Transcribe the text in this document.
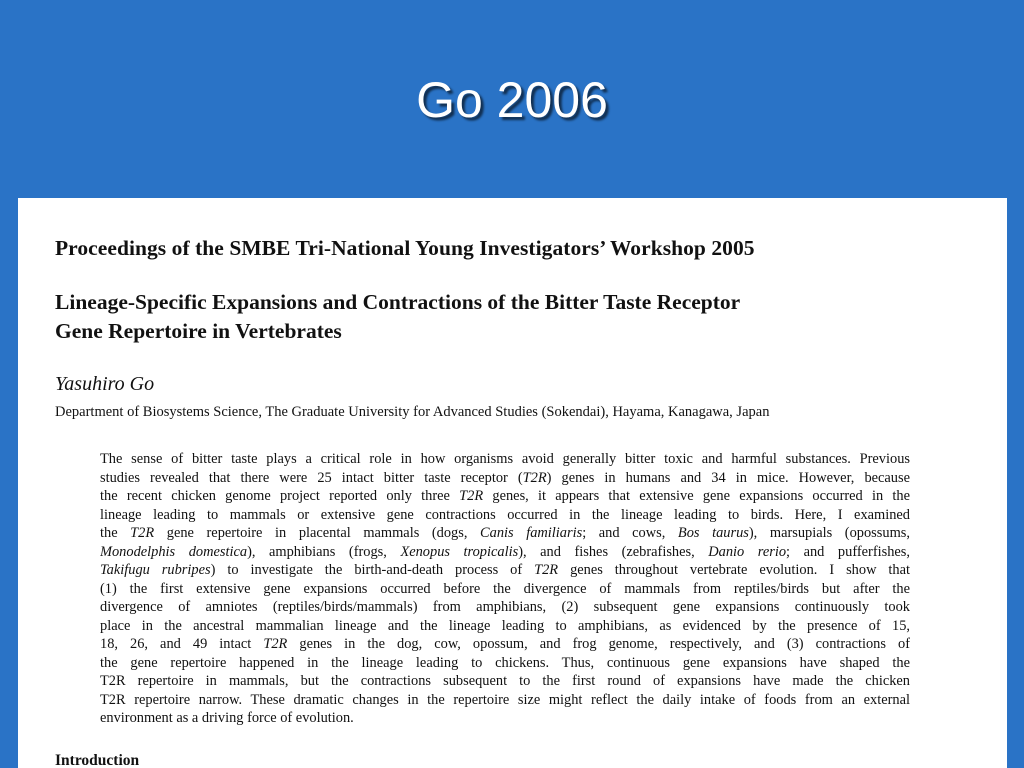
Go 2006
Proceedings of the SMBE Tri-National Young Investigators’ Workshop 2005
Lineage-Specific Expansions and Contractions of the Bitter Taste Receptor
Gene Repertoire in Vertebrates
Yasuhiro Go
Department of Biosystems Science, The Graduate University for Advanced Studies (Sokendai), Hayama, Kanagawa, Japan
The sense of bitter taste plays a critical role in how organisms avoid generally bitter toxic and harmful substances. Previous
studies revealed that there were 25 intact bitter taste receptor (T2R) genes in humans and 34 in mice. However, because
the recent chicken genome project reported only three T2R genes, it appears that extensive gene expansions occurred in the
lineage leading to mammals or extensive gene contractions occurred in the lineage leading to birds. Here, I examined
the T2R gene repertoire in placental mammals (dogs, Canis familiaris; and cows, Bos taurus), marsupials (opossums,
Monodelphis domestica), amphibians (frogs, Xenopus tropicalis), and fishes (zebrafishes, Danio rerio; and pufferfishes,
Takifugu rubripes) to investigate the birth-and-death process of T2R genes throughout vertebrate evolution. I show that
(1) the first extensive gene expansions occurred before the divergence of mammals from reptiles/birds but after the
divergence of amniotes (reptiles/birds/mammals) from amphibians, (2) subsequent gene expansions continuously took
place in the ancestral mammalian lineage and the lineage leading to amphibians, as evidenced by the presence of 15,
18, 26, and 49 intact T2R genes in the dog, cow, opossum, and frog genome, respectively, and (3) contractions of
the gene repertoire happened in the lineage leading to chickens. Thus, continuous gene expansions have shaped the
T2R repertoire in mammals, but the contractions subsequent to the first round of expansions have made the chicken
T2R repertoire narrow. These dramatic changes in the repertoire size might reflect the daily intake of foods from an external
environment as a driving force of evolution.
Introduction
